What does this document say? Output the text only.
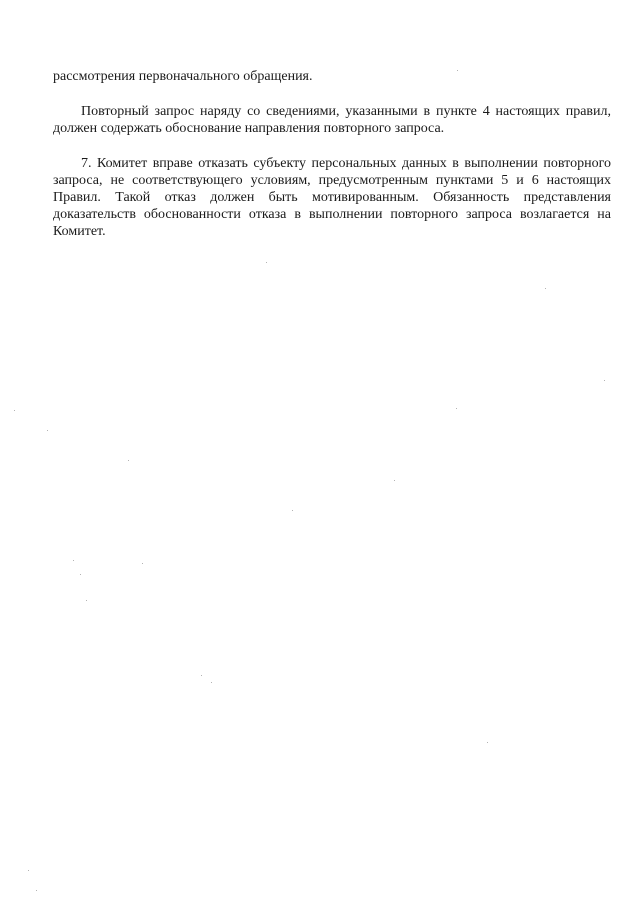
рассмотрения первоначального обращения.

Повторный запрос наряду со сведениями, указанными в пункте 4 настоящих правил, должен содержать обоснование направления повторного запроса.

7. Комитет вправе отказать субъекту персональных данных в выполнении повторного запроса, не соответствующего условиям, предусмотренным пунктами 5 и 6 настоящих Правил. Такой отказ должен быть мотивированным. Обязанность представления доказательств обоснованности отказа в выполнении повторного запроса возлагается на Комитет.
